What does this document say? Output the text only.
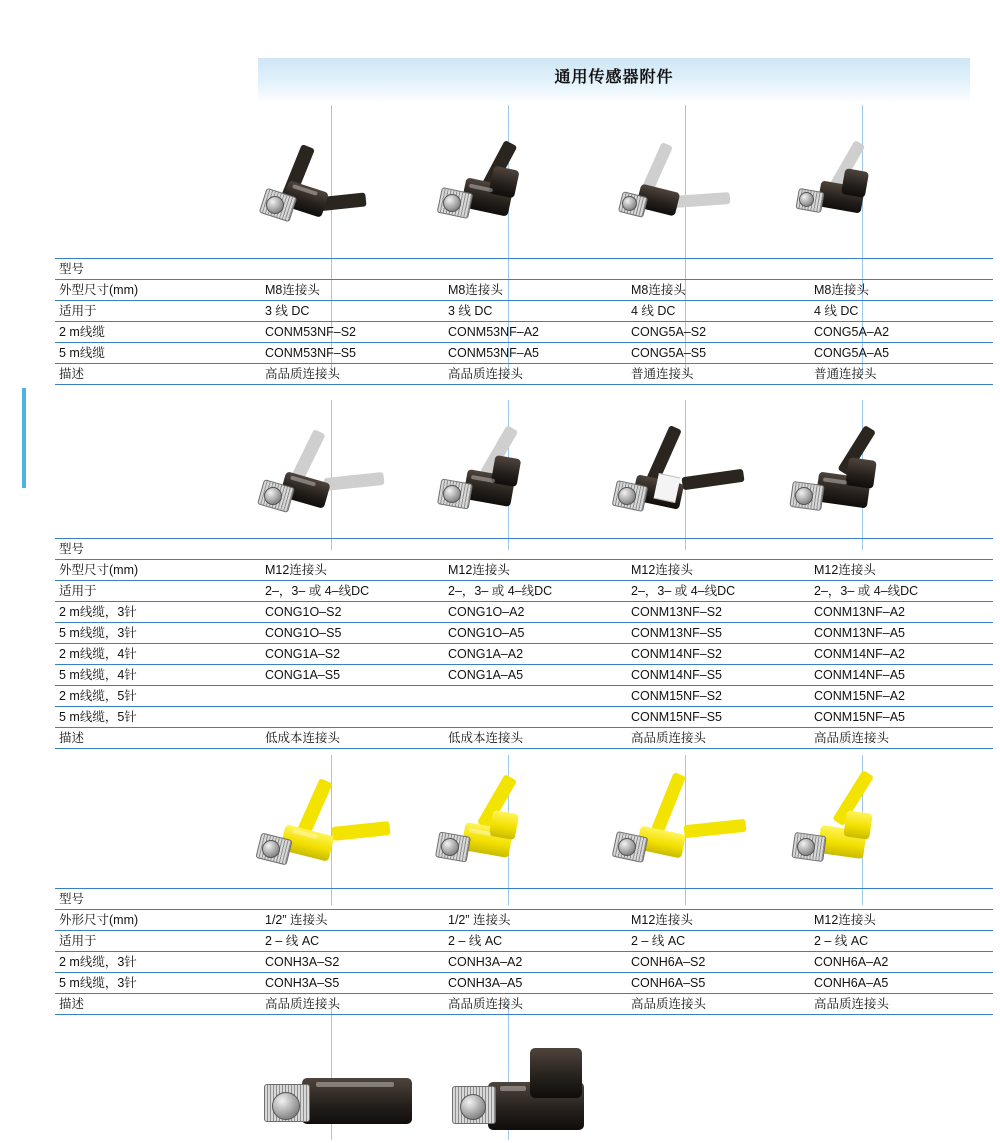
通用传感器附件
型号				
外型尺寸(mm)	M8连接头	M8连接头	M8连接头	M8连接头
适用于	3 线 DC	3 线 DC	4 线 DC	4 线 DC
2 m线缆	CONM53NF–S2	CONM53NF–A2	CONG5A–S2	CONG5A–A2
5 m线缆	CONM53NF–S5	CONM53NF–A5	CONG5A–S5	CONG5A–A5
描述	高品质连接头	高品质连接头	普通连接头	普通连接头
型号				
外型尺寸(mm)	M12连接头	M12连接头	M12连接头	M12连接头
适用于	2–，3– 或 4–线DC	2–，3– 或 4–线DC	2–，3– 或 4–线DC	2–，3– 或 4–线DC
2 m线缆，3针	CONG1O–S2	CONG1O–A2	CONM13NF–S2	CONM13NF–A2
5 m线缆，3针	CONG1O–S5	CONG1O–A5	CONM13NF–S5	CONM13NF–A5
2 m线缆，4针	CONG1A–S2	CONG1A–A2	CONM14NF–S2	CONM14NF–A2
5 m线缆，4针	CONG1A–S5	CONG1A–A5	CONM14NF–S5	CONM14NF–A5
2 m线缆，5针			CONM15NF–S2	CONM15NF–A2
5 m线缆，5针			CONM15NF–S5	CONM15NF–A5
描述	低成本连接头	低成本连接头	高品质连接头	高品质连接头
型号				
外形尺寸(mm)	1/2” 连接头	1/2” 连接头	M12连接头	M12连接头
适用于	2 – 线 AC	2 – 线 AC	2 – 线 AC	2 – 线 AC
2 m线缆，3针	CONH3A–S2	CONH3A–A2	CONH6A–S2	CONH6A–A2
5 m线缆，3针	CONH3A–S5	CONH3A–A5	CONH6A–S5	CONH6A–A5
描述	高品质连接头	高品质连接头	高品质连接头	高品质连接头
